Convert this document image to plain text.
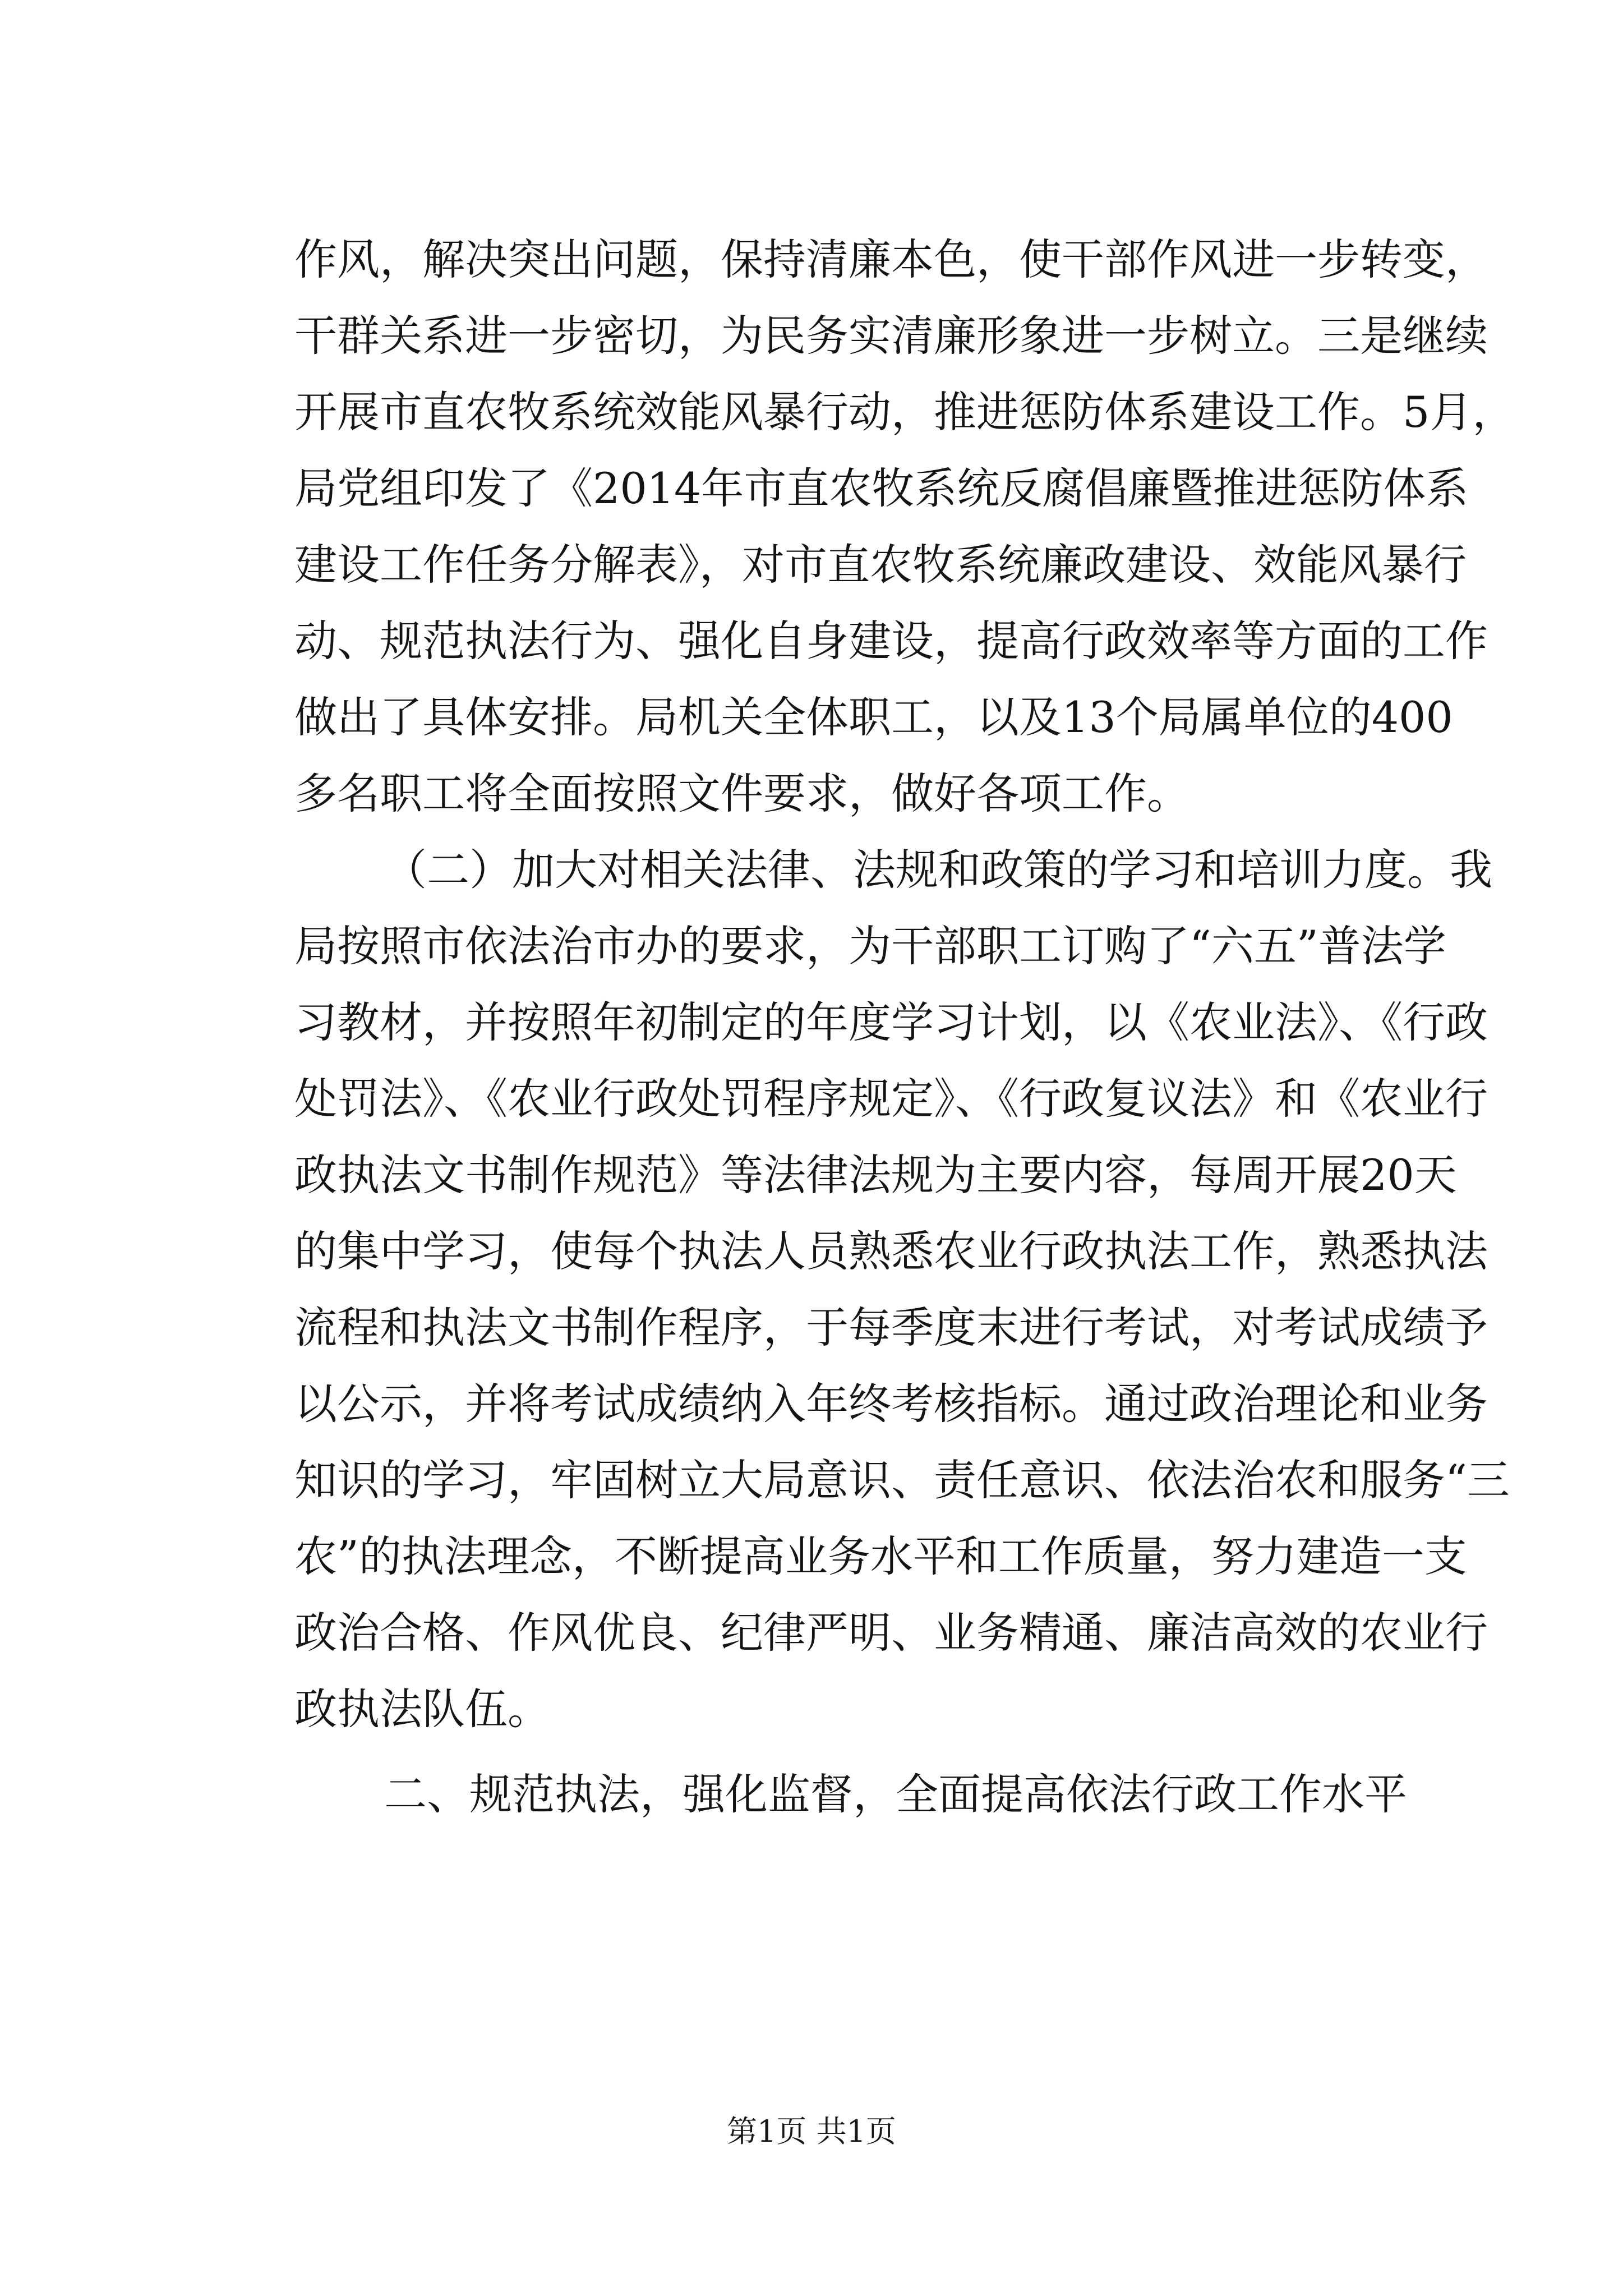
作风，解决突出问题，保持清廉本色，使干部作风进一步转变，
干群关系进一步密切，为民务实清廉形象进一步树立。三是继续
开展市直农牧系统效能风暴行动，推进惩防体系建设工作。5月，
局党组印发了《2014年市直农牧系统反腐倡廉暨推进惩防体系
建设工作任务分解表》，对市直农牧系统廉政建设、效能风暴行
动、规范执法行为、强化自身建设，提高行政效率等方面的工作
做出了具体安排。局机关全体职工，以及13个局属单位的400
多名职工将全面按照文件要求，做好各项工作。
（二）加大对相关法律、法规和政策的学习和培训力度。我
局按照市依法治市办的要求，为干部职工订购了“六五”普法学
习教材，并按照年初制定的年度学习计划，以《农业法》、《行政
处罚法》、《农业行政处罚程序规定》、《行政复议法》和《农业行
政执法文书制作规范》等法律法规为主要内容，每周开展20天
的集中学习，使每个执法人员熟悉农业行政执法工作，熟悉执法
流程和执法文书制作程序，于每季度末进行考试，对考试成绩予
以公示，并将考试成绩纳入年终考核指标。通过政治理论和业务
知识的学习，牢固树立大局意识、责任意识、依法治农和服务“三
农”的执法理念，不断提高业务水平和工作质量，努力建造一支
政治合格、作风优良、纪律严明、业务精通、廉洁高效的农业行
政执法队伍。
二、规范执法，强化监督，全面提高依法行政工作水平
第1页 共1页
